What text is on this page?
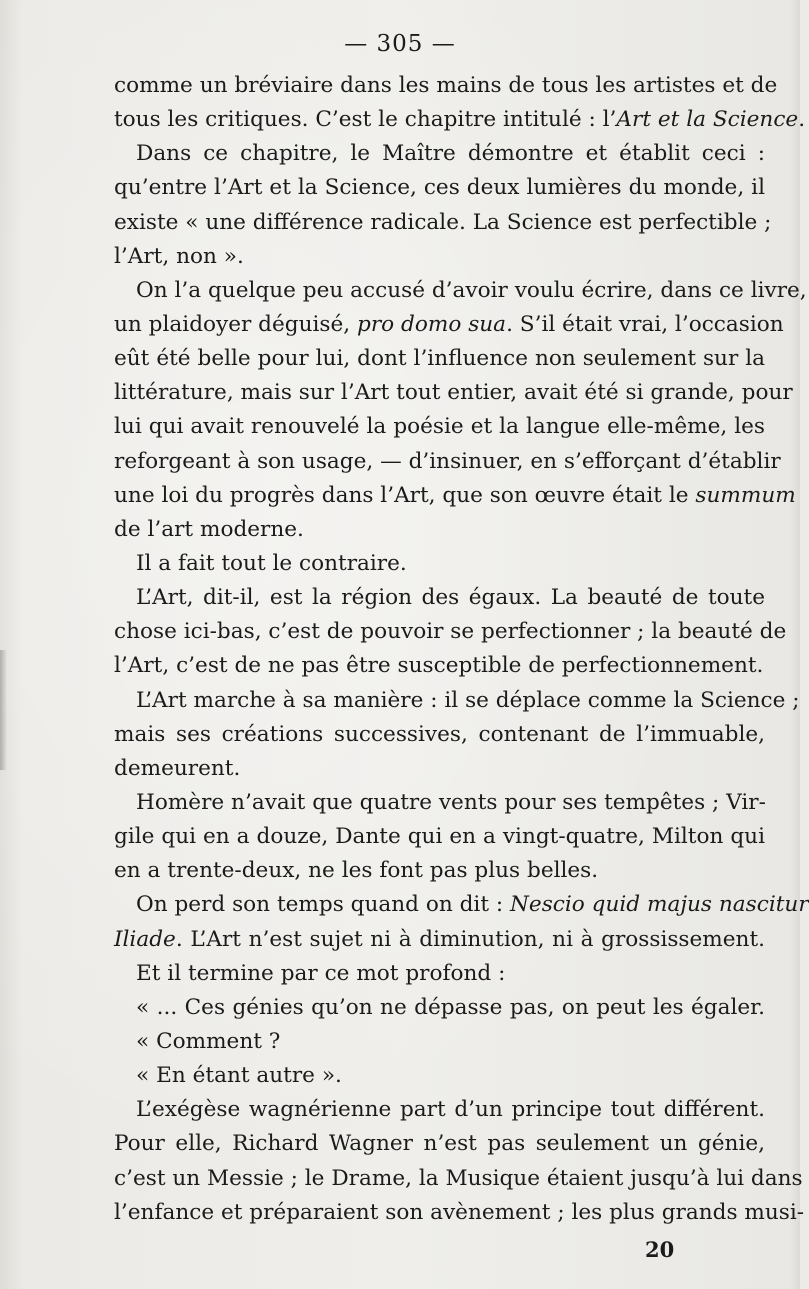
— 305 —
comme un bréviaire dans les mains de tous les artistes et de
tous les critiques. C’est le chapitre intitulé : l’Art et la Science.
Dans ce chapitre, le Maître démontre et établit ceci :
qu’entre l’Art et la Science, ces deux lumières du monde, il
existe « une différence radicale. La Science est perfectible ;
l’Art, non ».
On l’a quelque peu accusé d’avoir voulu écrire, dans ce livre,
un plaidoyer déguisé, pro domo sua. S’il était vrai, l’occasion
eût été belle pour lui, dont l’influence non seulement sur la
littérature, mais sur l’Art tout entier, avait été si grande, pour
lui qui avait renouvelé la poésie et la langue elle-même, les
reforgeant à son usage, — d’insinuer, en s’efforçant d’établir
une loi du progrès dans l’Art, que son œuvre était le summum
de l’art moderne.
Il a fait tout le contraire.
L’Art, dit-il, est la région des égaux. La beauté de toute
chose ici-bas, c’est de pouvoir se perfectionner ; la beauté de
l’Art, c’est de ne pas être susceptible de perfectionnement.
L’Art marche à sa manière : il se déplace comme la Science ;
mais ses créations successives, contenant de l’immuable,
demeurent.
Homère n’avait que quatre vents pour ses tempêtes ; Vir-
gile qui en a douze, Dante qui en a vingt-quatre, Milton qui
en a trente-deux, ne les font pas plus belles.
On perd son temps quand on dit : Nescio quid majus nascitur
Iliade. L’Art n’est sujet ni à diminution, ni à grossissement.
Et il termine par ce mot profond :
« ... Ces génies qu’on ne dépasse pas, on peut les égaler.
« Comment ?
« En étant autre ».
L’exégèse wagnérienne part d’un principe tout différent.
Pour elle, Richard Wagner n’est pas seulement un génie,
c’est un Messie ; le Drame, la Musique étaient jusqu’à lui dans
l’enfance et préparaient son avènement ; les plus grands musi-
20
